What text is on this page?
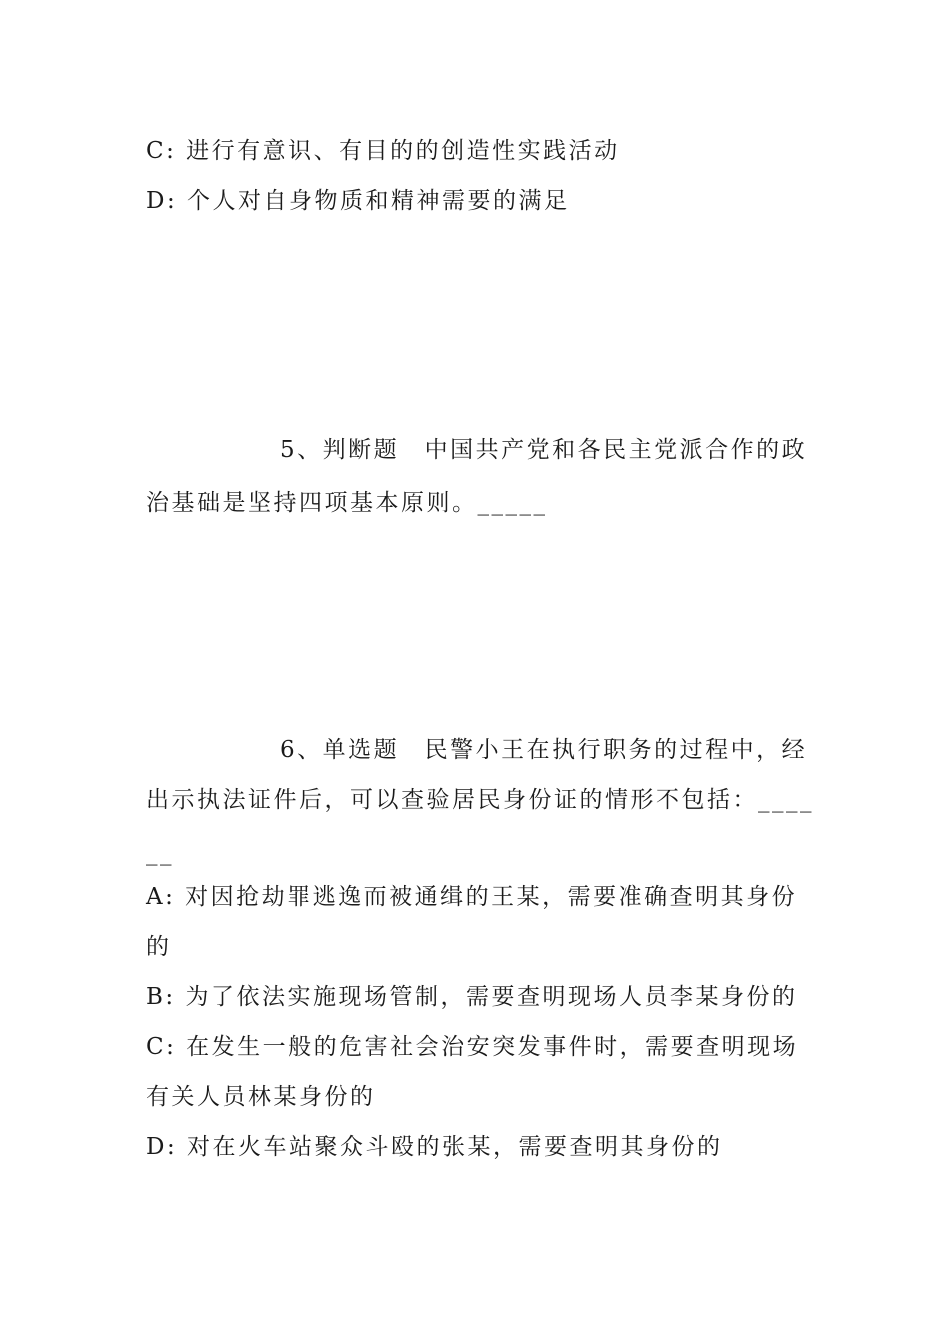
C: 进行有意识、有目的的创造性实践活动
D: 个人对自身物质和精神需要的满足
5、判断题　中国共产党和各民主党派合作的政
治基础是坚持四项基本原则。_____
6、单选题　民警小王在执行职务的过程中，经
出示执法证件后，可以查验居民身份证的情形不包括：____
__
A: 对因抢劫罪逃逸而被通缉的王某，需要准确查明其身份
的
B: 为了依法实施现场管制，需要查明现场人员李某身份的
C: 在发生一般的危害社会治安突发事件时，需要查明现场
有关人员林某身份的
D: 对在火车站聚众斗殴的张某，需要查明其身份的
